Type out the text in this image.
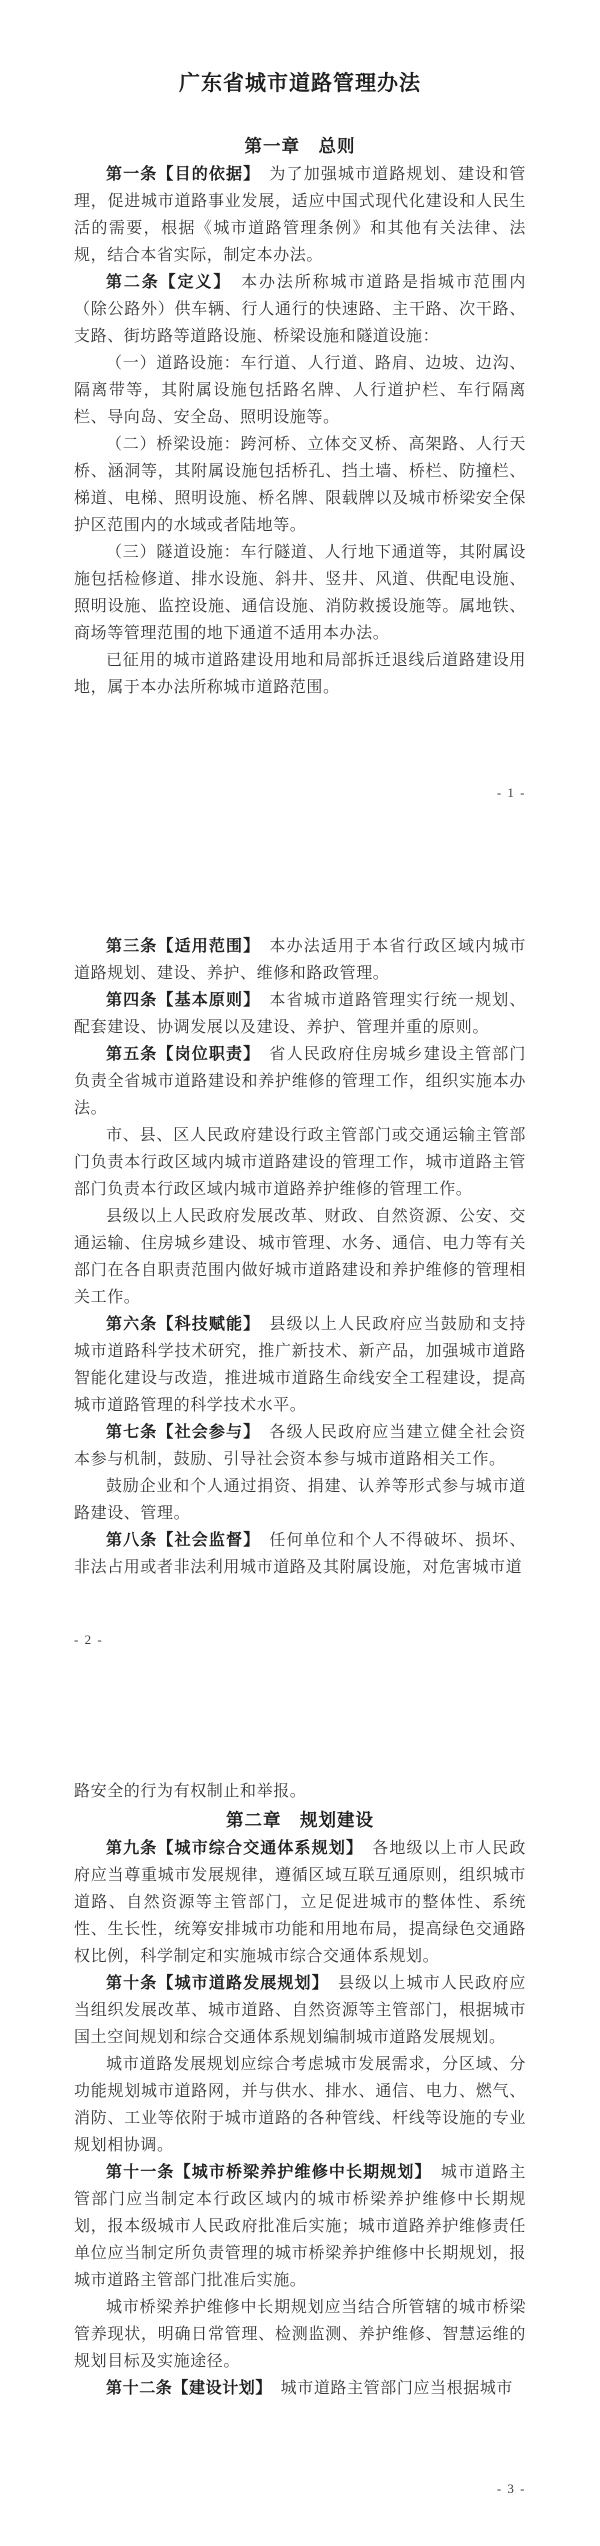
广东省城市道路管理办法
第一章　总则

第一条【目的依据】　为了加强城市道路规划、建设和管理，促进城市道路事业发展，适应中国式现代化建设和人民生活的需要，根据《城市道路管理条例》和其他有关法律、法规，结合本省实际，制定本办法。

第二条【定义】　本办法所称城市道路是指城市范围内（除公路外）供车辆、行人通行的快速路、主干路、次干路、支路、街坊路等道路设施、桥梁设施和隧道设施：

（一）道路设施：车行道、人行道、路肩、边坡、边沟、隔离带等，其附属设施包括路名牌、人行道护栏、车行隔离栏、导向岛、安全岛、照明设施等。

（二）桥梁设施：跨河桥、立体交叉桥、高架路、人行天桥、涵洞等，其附属设施包括桥孔、挡土墙、桥栏、防撞栏、梯道、电梯、照明设施、桥名牌、限载牌以及城市桥梁安全保护区范围内的水域或者陆地等。

（三）隧道设施：车行隧道、人行地下通道等，其附属设施包括检修道、排水设施、斜井、竖井、风道、供配电设施、照明设施、监控设施、通信设施、消防救援设施等。属地铁、商场等管理范围的地下通道不适用本办法。

已征用的城市道路建设用地和局部拆迁退线后道路建设用地，属于本办法所称城市道路范围。

- 1 -

第三条【适用范围】　本办法适用于本省行政区域内城市道路规划、建设、养护、维修和路政管理。

第四条【基本原则】　本省城市道路管理实行统一规划、配套建设、协调发展以及建设、养护、管理并重的原则。

第五条【岗位职责】　省人民政府住房城乡建设主管部门负责全省城市道路建设和养护维修的管理工作，组织实施本办法。

市、县、区人民政府建设行政主管部门或交通运输主管部门负责本行政区域内城市道路建设的管理工作，城市道路主管部门负责本行政区域内城市道路养护维修的管理工作。

县级以上人民政府发展改革、财政、自然资源、公安、交通运输、住房城乡建设、城市管理、水务、通信、电力等有关部门在各自职责范围内做好城市道路建设和养护维修的管理相关工作。

第六条【科技赋能】　县级以上人民政府应当鼓励和支持城市道路科学技术研究，推广新技术、新产品，加强城市道路智能化建设与改造，推进城市道路生命线安全工程建设，提高城市道路管理的科学技术水平。

第七条【社会参与】　各级人民政府应当建立健全社会资本参与机制，鼓励、引导社会资本参与城市道路相关工作。

鼓励企业和个人通过捐资、捐建、认养等形式参与城市道路建设、管理。

第八条【社会监督】　任何单位和个人不得破坏、损坏、非法占用或者非法利用城市道路及其附属设施，对危害城市道

- 2 -

路安全的行为有权制止和举报。

第二章　规划建设

第九条【城市综合交通体系规划】　各地级以上市人民政府应当尊重城市发展规律，遵循区域互联互通原则，组织城市道路、自然资源等主管部门，立足促进城市的整体性、系统性、生长性，统筹安排城市功能和用地布局，提高绿色交通路权比例，科学制定和实施城市综合交通体系规划。

第十条【城市道路发展规划】　县级以上城市人民政府应当组织发展改革、城市道路、自然资源等主管部门，根据城市国土空间规划和综合交通体系规划编制城市道路发展规划。

城市道路发展规划应综合考虑城市发展需求，分区域、分功能规划城市道路网，并与供水、排水、通信、电力、燃气、消防、工业等依附于城市道路的各种管线、杆线等设施的专业规划相协调。

第十一条【城市桥梁养护维修中长期规划】　城市道路主管部门应当制定本行政区域内的城市桥梁养护维修中长期规划，报本级城市人民政府批准后实施；城市道路养护维修责任单位应当制定所负责管理的城市桥梁养护维修中长期规划，报城市道路主管部门批准后实施。

城市桥梁养护维修中长期规划应当结合所管辖的城市桥梁管养现状，明确日常管理、检测监测、养护维修、智慧运维的规划目标及实施途径。

第十二条【建设计划】　城市道路主管部门应当根据城市

- 3 -
